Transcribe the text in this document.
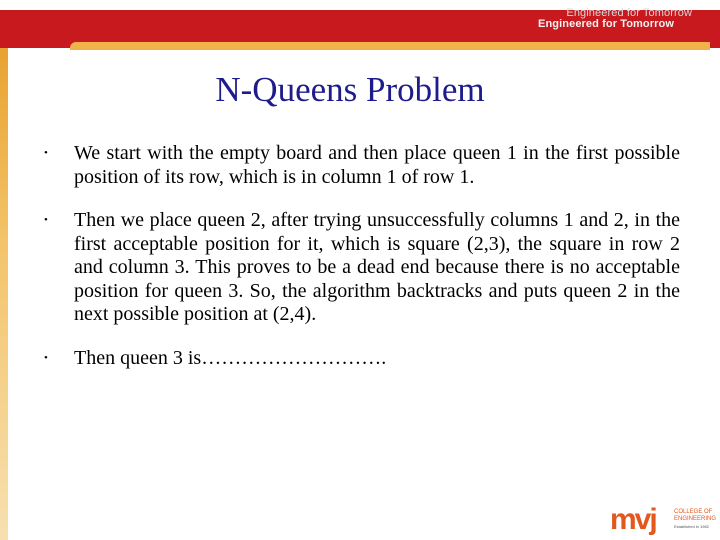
Engineered for Tomorrow
Engineered for Tomorrow
N-Queens Problem
• We start with the empty board and then place queen 1 in the first possible position of its row, which is in column 1 of row 1.
• Then we place queen 2, after trying unsuccessfully columns 1 and 2, in the first acceptable position for it, which is square (2,3), the square in row 2 and column 3. This proves to be a dead end because there is no acceptable position for queen 3. So, the algorithm backtracks and puts queen 2 in the next possible position at (2,4).
• Then queen 3 is……………………….
mvj	COLLEGE OF
ENGINEERING
Established in 1982
